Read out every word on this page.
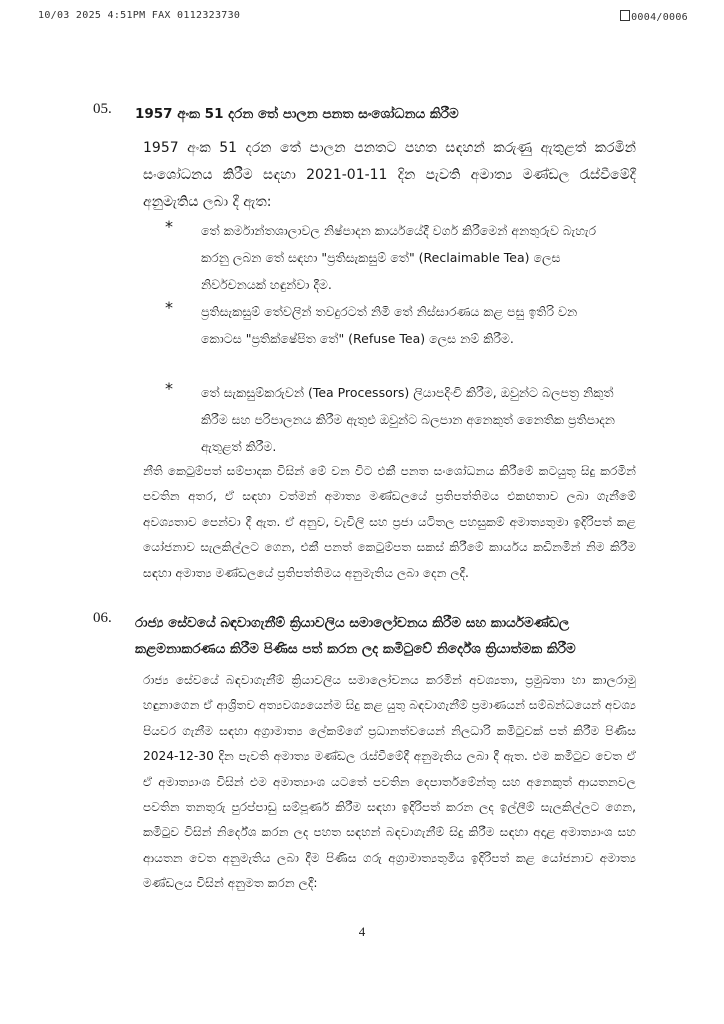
10/03 2025 4:51PM FAX 0112323730	0004/0006
05. 1957 අංක 51 දරන තේ පාලන පනත සංශෝධනය කිරීම
1957 අංක 51 දරන තේ පාලන පනතට පහත සඳහන් කරුණු ඇතුළත් කරමින් සංශෝධනය කිරීම සඳහා 2021-01-11 දින පැවති අමාත්‍ය මණ්ඩල රැස්වීමේදී අනුමැතිය ලබා දී ඇත:
* තේ කර්මාන්තශාලාවල නිෂ්පාදන කාර්යයේදී වර්ග කිරීමෙන් අනතුරුව බැහැර කරනු ලබන තේ සඳහා "ප්‍රතිසැකසුම් තේ" (Reclaimable Tea) ලෙස නිර්වචනයක් හඳුන්වා දීම.
* ප්‍රතිසැකසුම් තේවලින් තවදුරටත් නිමි තේ නිස්සාරණය කළ පසු ඉතිරි වන කොටස "ප්‍රතික්ෂේපිත තේ" (Refuse Tea) ලෙස නම් කිරීම.
* තේ සැකසුම්කරුවන් (Tea Processors) ලියාපදිංචි කිරීම, ඔවුන්ට බලපත්‍ර නිකුත් කිරීම සහ පරිපාලනය කිරීම ඇතුළු ඔවුන්ට බලපාන අනෙකුත් නෛතික ප්‍රතිපාදන ඇතුළත් කිරීම.
නීති කෙටුම්පත් සම්පාදක විසින් මේ වන විට එකී පනත සංශෝධනය කිරීමේ කටයුතු සිදු කරමින් පවතින අතර, ඒ සඳහා වත්මන් අමාත්‍ය මණ්ඩලයේ ප්‍රතිපත්තිමය එකඟතාව ලබා ගැනීමේ අවශ්‍යතාව පෙන්වා දී ඇත. ඒ අනුව, වැවිලි සහ ප්‍රජා යටිතල පහසුකම් අමාත්‍යතුමා ඉදිරිපත් කළ යෝජනාව සැලකිල්ලට ගෙන, එකී පනත් කෙටුම්පත සකස් කිරීමේ කාර්යය කඩිනමින් නිම කිරීම සඳහා අමාත්‍ය මණ්ඩලයේ ප්‍රතිපත්තිමය අනුමැතිය ලබා දෙන ලදී.
06. රාජ්‍ය සේවයේ බඳවාගැනීම් ක්‍රියාවලිය සමාලෝචනය කිරීම සහ කාර්යමණ්ඩල කළමනාකරණය කිරීම පිණිස පත් කරන ලද කමිටුවේ නිර්දේශ ක්‍රියාත්මක කිරීම
රාජ්‍ය සේවයේ බඳවාගැනීම් ක්‍රියාවලිය සමාලෝචනය කරමින් අවශ්‍යතා, ප්‍රමුඛතා හා කාලරාමු හඳුනාගෙන ඒ ආශ්‍රිතව අත්‍යවශ්‍යයෙන්ම සිදු කළ යුතු බඳවාගැනීම් ප්‍රමාණයන් සම්බන්ධයෙන් අවශ්‍ය පියවර ගැනීම සඳහා අග්‍රාමාත්‍ය ලේකම්ගේ ප්‍රධානත්වයෙන් නිලධාරි කමිටුවක් පත් කිරීම පිණිස 2024-12-30 දින පැවති අමාත්‍ය මණ්ඩල රැස්වීමේදී අනුමැතිය ලබා දී ඇත. එම කමිටුව වෙත ඒ ඒ අමාත්‍යාංශ විසින් එම අමාත්‍යාංශ යටතේ පවතින දෙපාර්තමේන්තු සහ අනෙකුත් ආයතනවල පවතින තනතුරු පුරප්පාඩු සම්පූර්ණ කිරීම සඳහා ඉදිරිපත් කරන ලද ඉල්ලීම් සැලකිල්ලට ගෙන, කමිටුව විසින් නිර්දේශ කරන ලද පහත සඳහන් බඳවාගැනීම් සිදු කිරීම සඳහා අදාළ අමාත්‍යාංශ සහ ආයතන වෙත අනුමැතිය ලබා දීම පිණිස ගරු අග්‍රාමාත්‍යතුමිය ඉදිරිපත් කළ යෝජනාව අමාත්‍ය මණ්ඩලය විසින් අනුමත කරන ලදී:
4
